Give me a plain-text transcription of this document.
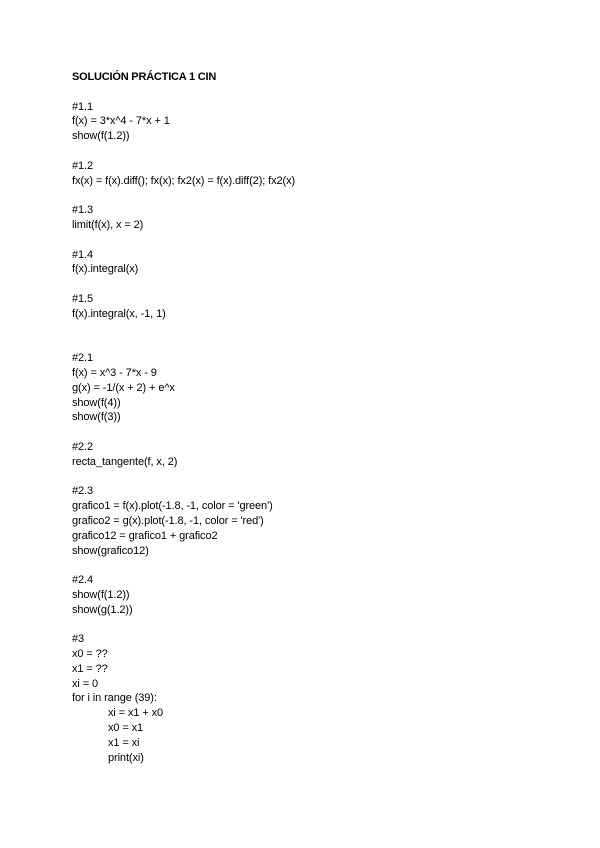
SOLUCIÓN PRÁCTICA 1 CIN

#1.1

f(x) = 3*x^4 - 7*x + 1

show(f(1.2))

#1.2

fx(x) = f(x).diff(); fx(x); fx2(x) = f(x).diff(2); fx2(x)

#1.3

limit(f(x), x = 2)

#1.4

f(x).integral(x)

#1.5

f(x).integral(x, -1, 1)

#2.1

f(x) = x^3 - 7*x - 9

g(x) = -1/(x + 2) + e^x

show(f(4))

show(f(3))

#2.2

recta_tangente(f, x, 2)

#2.3

grafico1 = f(x).plot(-1.8, -1, color = 'green')

grafico2 = g(x).plot(-1.8, -1, color = 'red')

grafico12 = grafico1 + grafico2

show(grafico12)

#2.4

show(f(1.2))

show(g(1.2))

#3

x0 = ??

x1 = ??

xi = 0

for i in range (39):

xi = x1 + x0

x0 = x1

x1 = xi

print(xi)
